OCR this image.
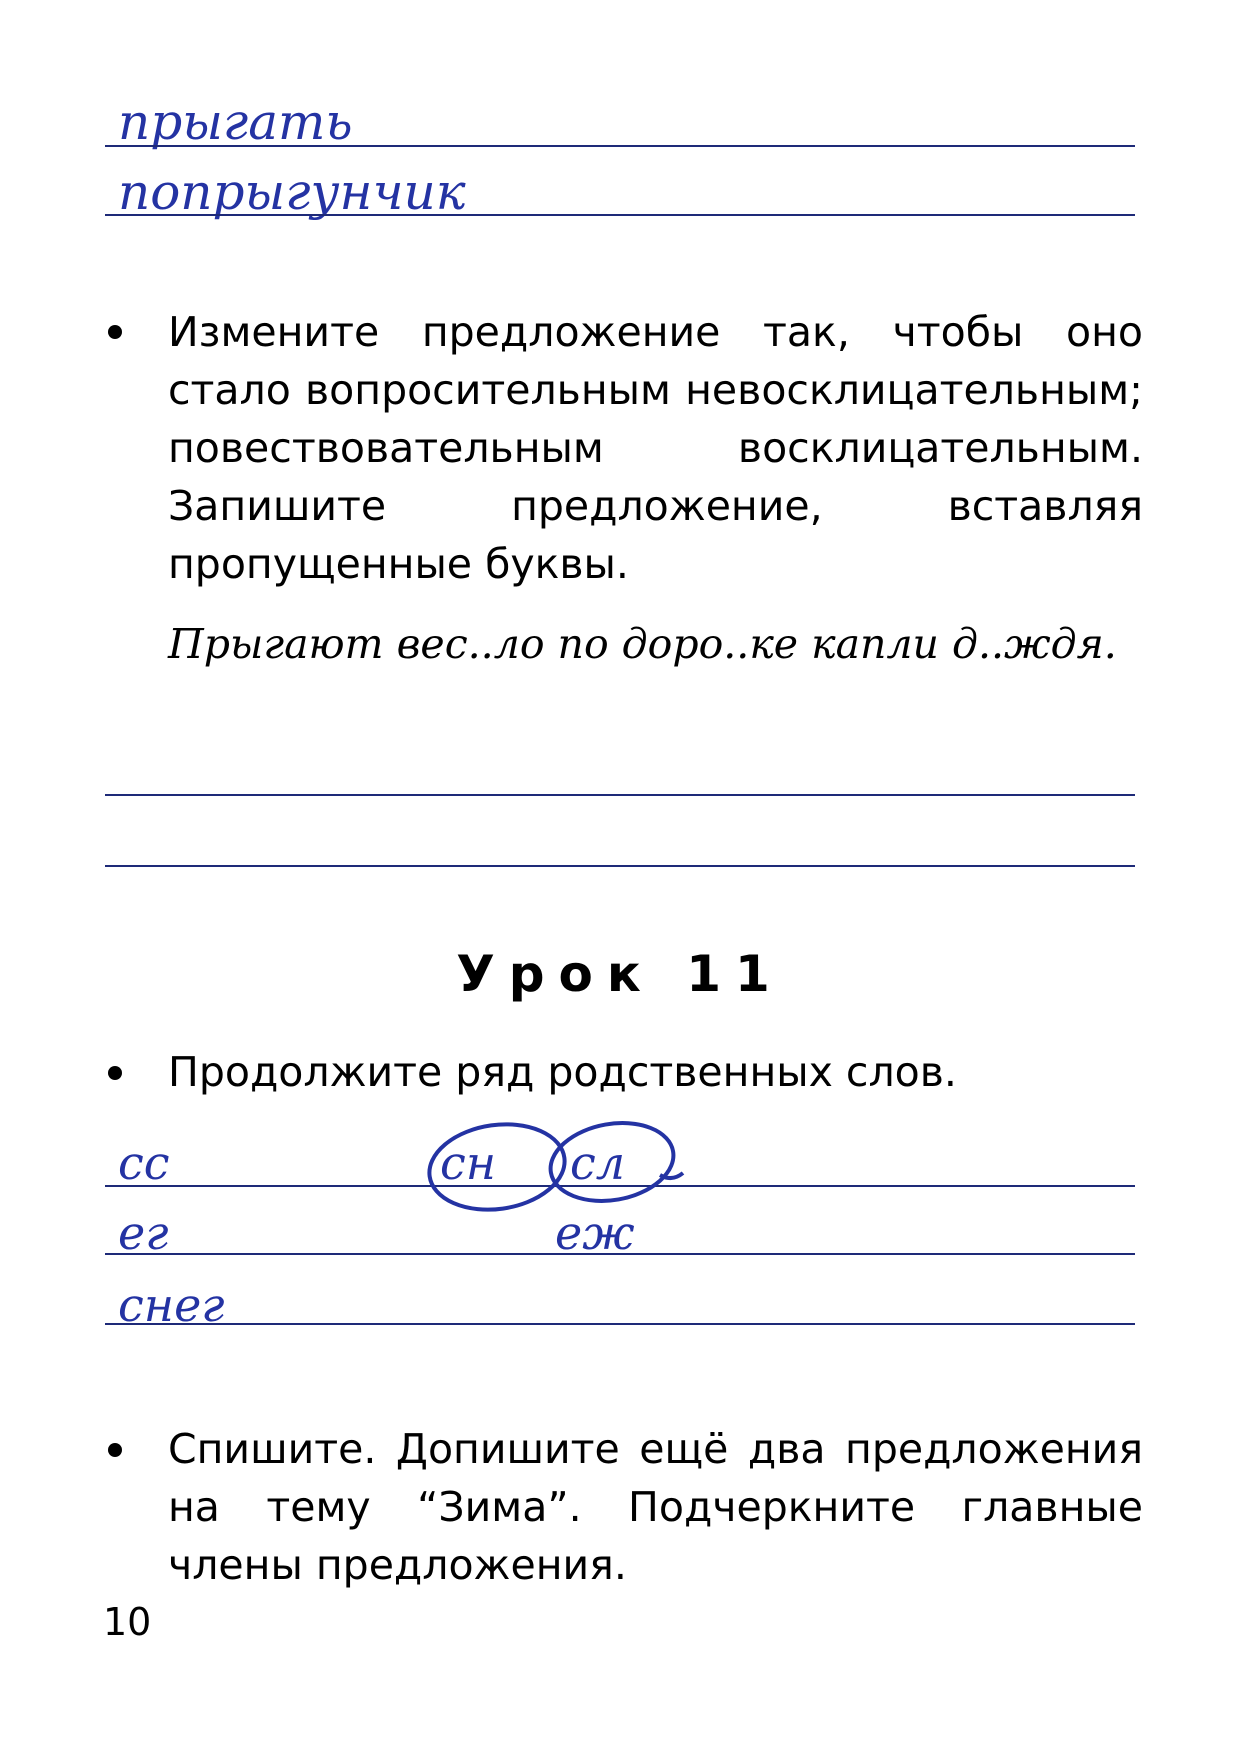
прыгать
попрыгунчик
Измените предложение так, чтобы оно стало вопросительным невосклицательным; повествовательным восклицательным. Запишите предложение, вставляя пропущенные буквы.
Прыгают вес..ло по доро..ке капли д..ждя.
Урок 11
Продолжите ряд родственных слов.
сс	сн сл
ег	еж
снег
Спишите. Допишите ещё два предложения на тему “Зима”. Подчеркните главные члены предложения.
10
